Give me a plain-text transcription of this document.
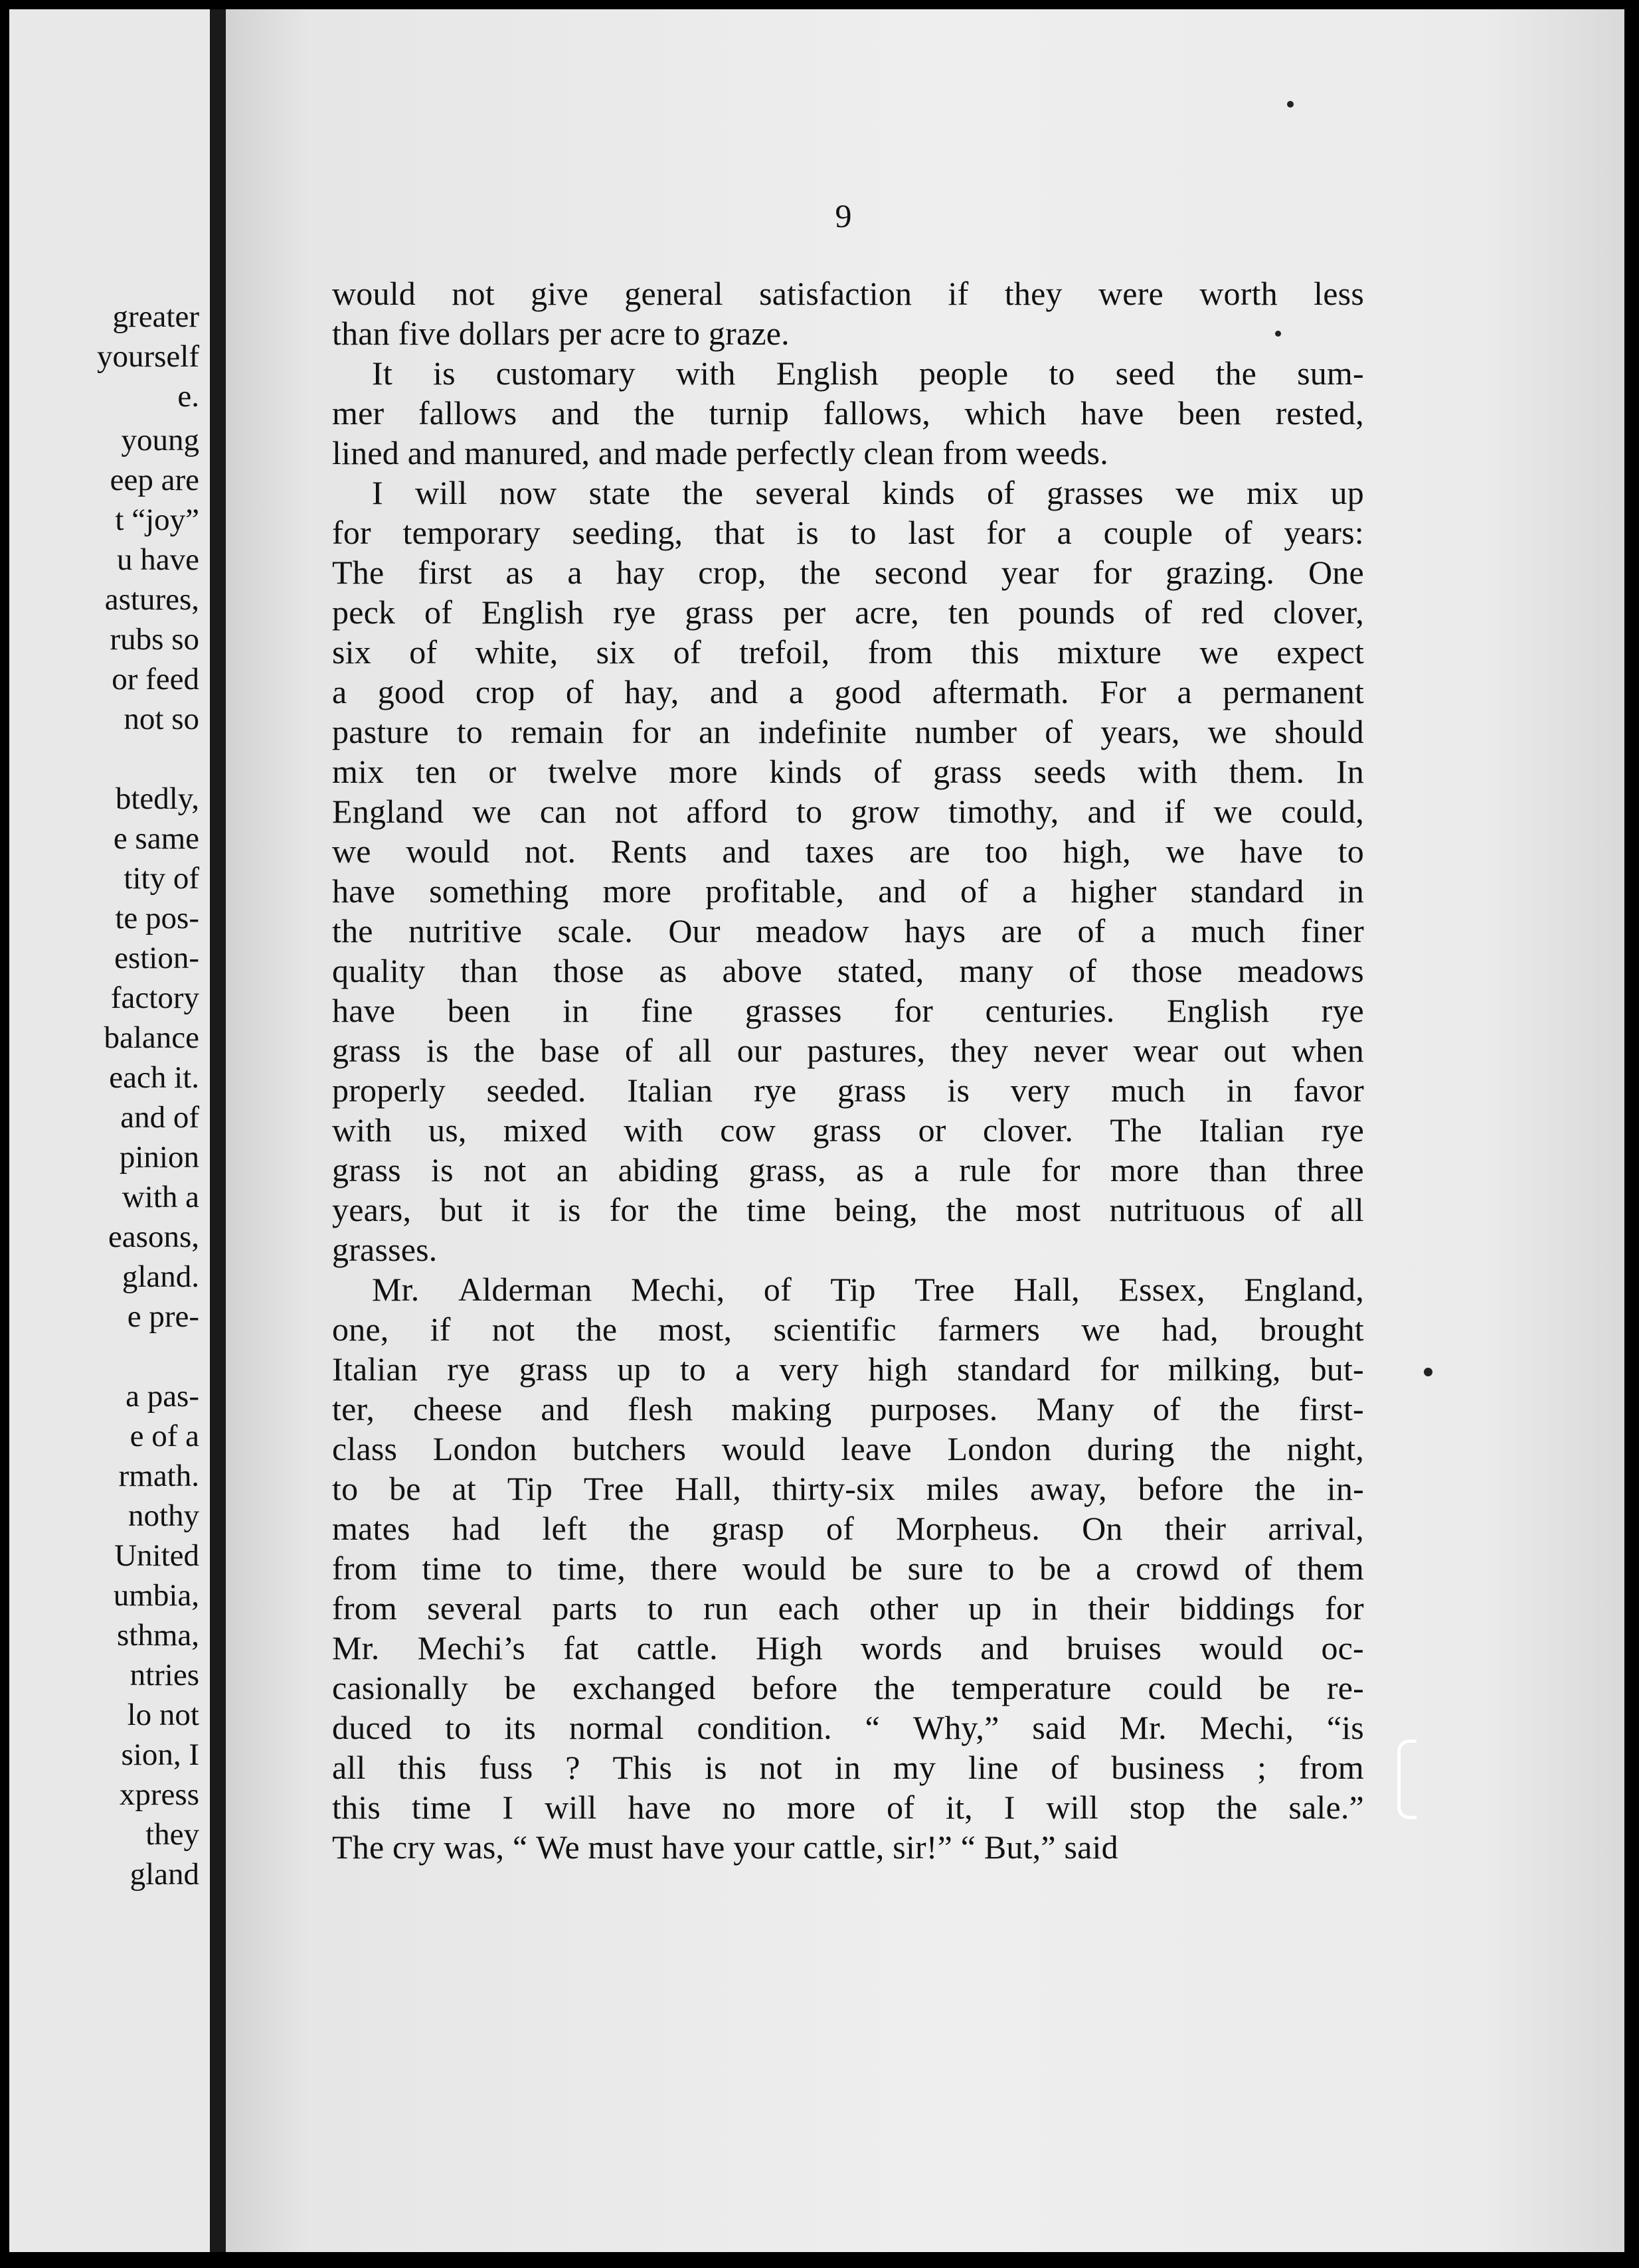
greater
yourself
e.
young
eep are
t “joy”
u have
astures,
rubs so
or feed
not so
btedly,
e same
tity of
te pos-
estion-
factory
balance
each it.
and of
pinion
with a
easons,
gland.
e pre-
a pas-
e of a
rmath.
nothy
United
umbia,
sthma,
ntries
lo not
sion, I
xpress
they
gland
9
would not give general satisfaction if they were worth less
than five dollars per acre to graze.
It is customary with English people to seed the sum-
mer fallows and the turnip fallows, which have been rested,
lined and manured, and made perfectly clean from weeds.
I will now state the several kinds of grasses we mix up
for temporary seeding, that is to last for a couple of years:
The first as a hay crop, the second year for grazing. One
peck of English rye grass per acre, ten pounds of red clover,
six of white, six of trefoil, from this mixture we expect
a good crop of hay, and a good aftermath. For a permanent
pasture to remain for an indefinite number of years, we should
mix ten or twelve more kinds of grass seeds with them. In
England we can not afford to grow timothy, and if we could,
we would not. Rents and taxes are too high, we have to
have something more profitable, and of a higher standard in
the nutritive scale. Our meadow hays are of a much finer
quality than those as above stated, many of those meadows
have been in fine grasses for centuries. English rye
grass is the base of all our pastures, they never wear out when
properly seeded. Italian rye grass is very much in favor
with us, mixed with cow grass or clover. The Italian rye
grass is not an abiding grass, as a rule for more than three
years, but it is for the time being, the most nutrituous of all
grasses.
Mr. Alderman Mechi, of Tip Tree Hall, Essex, England,
one, if not the most, scientific farmers we had, brought
Italian rye grass up to a very high standard for milking, but-
ter, cheese and flesh making purposes. Many of the first-
class London butchers would leave London during the night,
to be at Tip Tree Hall, thirty-six miles away, before the in-
mates had left the grasp of Morpheus. On their arrival,
from time to time, there would be sure to be a crowd of them
from several parts to run each other up in their biddings for
Mr. Mechi’s fat cattle. High words and bruises would oc-
casionally be exchanged before the temperature could be re-
duced to its normal condition. “ Why,” said Mr. Mechi, “is
all this fuss ? This is not in my line of business ; from
this time I will have no more of it, I will stop the sale.”
The cry was, “ We must have your cattle, sir!” “ But,” said
